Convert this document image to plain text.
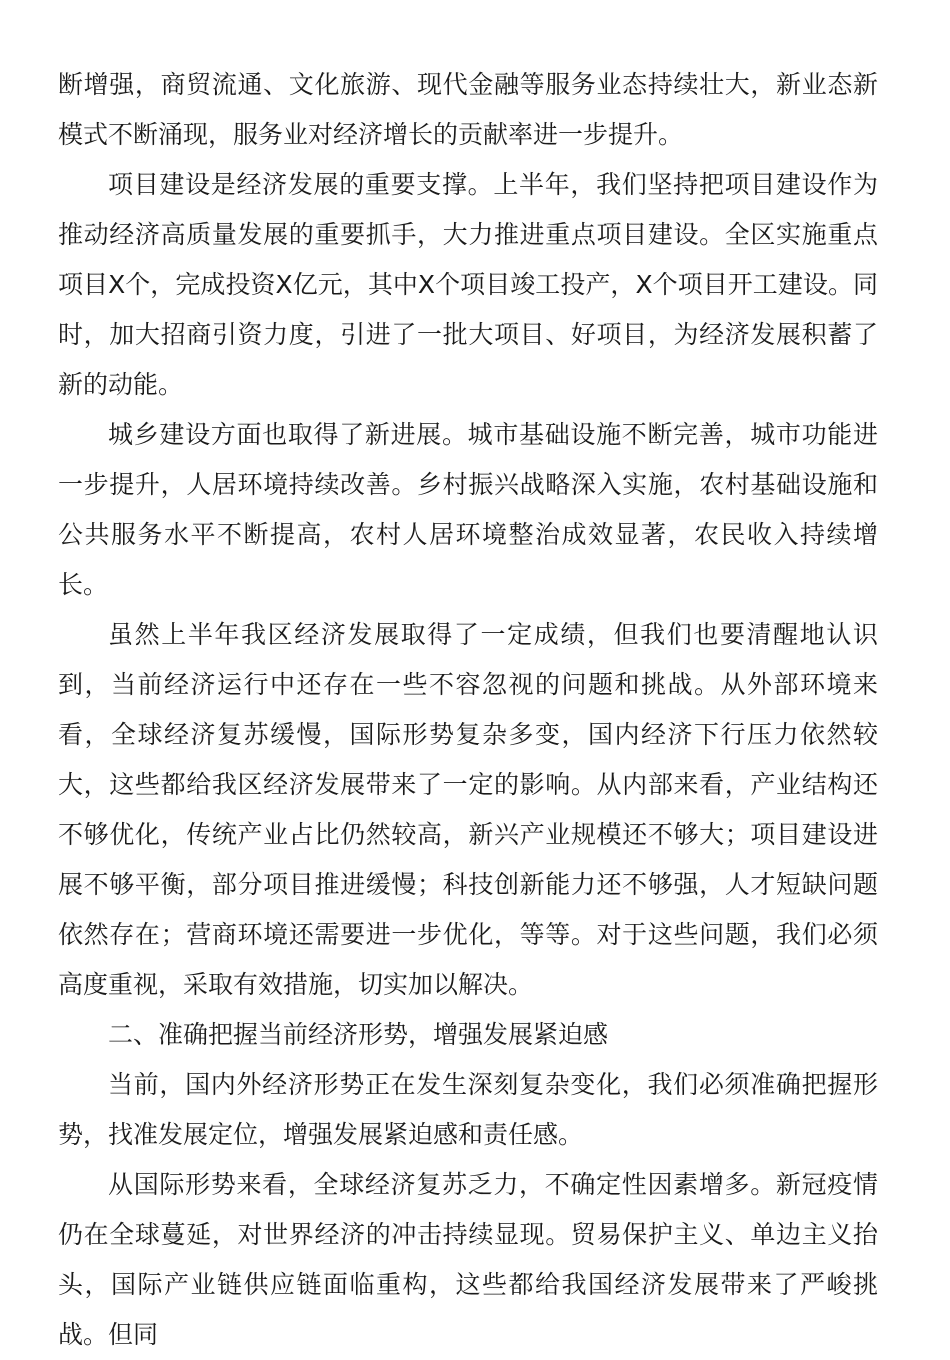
断增强，商贸流通、文化旅游、现代金融等服务业态持续壮大，新业态新模式不断涌现，服务业对经济增长的贡献率进一步提升。

项目建设是经济发展的重要支撑。上半年，我们坚持把项目建设作为推动经济高质量发展的重要抓手，大力推进重点项目建设。全区实施重点项目X个，完成投资X亿元，其中X个项目竣工投产，X个项目开工建设。同时，加大招商引资力度，引进了一批大项目、好项目，为经济发展积蓄了新的动能。

城乡建设方面也取得了新进展。城市基础设施不断完善，城市功能进一步提升，人居环境持续改善。乡村振兴战略深入实施，农村基础设施和公共服务水平不断提高，农村人居环境整治成效显著，农民收入持续增长。

虽然上半年我区经济发展取得了一定成绩，但我们也要清醒地认识到，当前经济运行中还存在一些不容忽视的问题和挑战。从外部环境来看，全球经济复苏缓慢，国际形势复杂多变，国内经济下行压力依然较大，这些都给我区经济发展带来了一定的影响。从内部来看，产业结构还不够优化，传统产业占比仍然较高，新兴产业规模还不够大；项目建设进展不够平衡，部分项目推进缓慢；科技创新能力还不够强，人才短缺问题依然存在；营商环境还需要进一步优化，等等。对于这些问题，我们必须高度重视，采取有效措施，切实加以解决。

二、准确把握当前经济形势，增强发展紧迫感

当前，国内外经济形势正在发生深刻复杂变化，我们必须准确把握形势，找准发展定位，增强发展紧迫感和责任感。

从国际形势来看，全球经济复苏乏力，不确定性因素增多。新冠疫情仍在全球蔓延，对世界经济的冲击持续显现。贸易保护主义、单边主义抬头，国际产业链供应链面临重构，这些都给我国经济发展带来了严峻挑战。但同
